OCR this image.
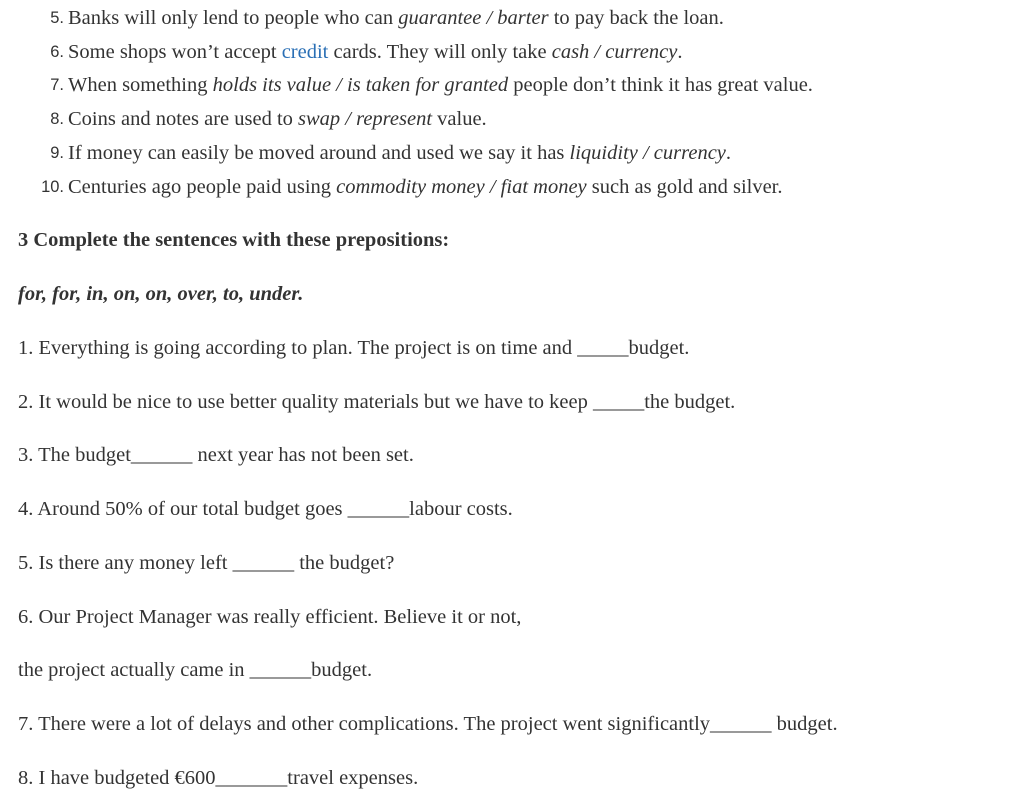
5. Banks will only lend to people who can guarantee / barter to pay back the loan.
6. Some shops won’t accept credit cards. They will only take cash / currency.
7. When something holds its value / is taken for granted people don’t think it has great value.
8. Coins and notes are used to swap / represent value.
9. If money can easily be moved around and used we say it has liquidity / currency.
10. Centuries ago people paid using commodity money / fiat money such as gold and silver.
3 Complete the sentences with these prepositions:
for, for, in, on, on, over, to, under.
1. Everything is going according to plan. The project is on time and _____budget.
2. It would be nice to use better quality materials but we have to keep _____the budget.
3. The budget______ next year has not been set.
4. Around 50% of our total budget goes ______labour costs.
5. Is there any money left ______ the budget?
6. Our Project Manager was really efficient. Believe it or not,
the project actually came in ______budget.
7. There were a lot of delays and other complications. The project went significantly______ budget.
8. I have budgeted €600_______travel expenses.
